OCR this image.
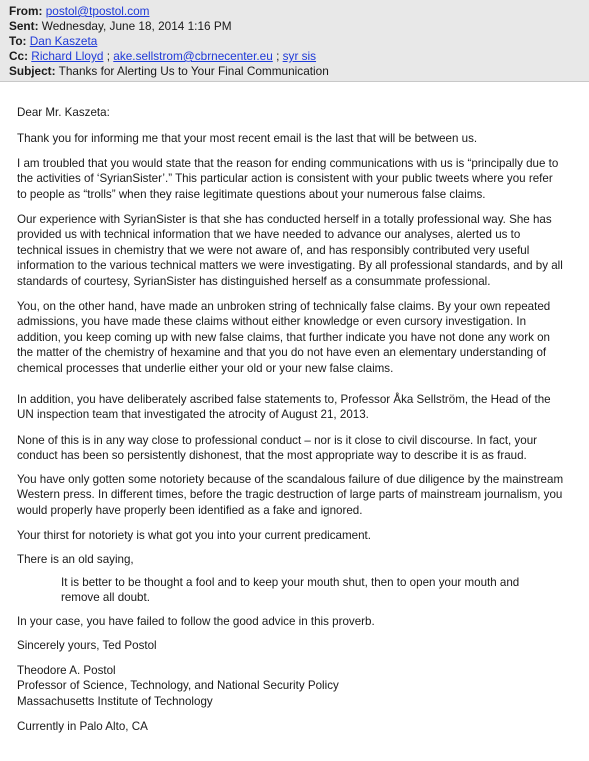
From: postol@tpostol.com
Sent: Wednesday, June 18, 2014 1:16 PM
To: Dan Kaszeta
Cc: Richard Lloyd ; ake.sellstrom@cbrnecenter.eu ; syr sis
Subject: Thanks for Alerting Us to Your Final Communication
Dear Mr. Kaszeta:
Thank you for informing me that your most recent email is the last that will be between us.
I am troubled that you would state that the reason for ending communications with us is “principally due to
the activities of ‘SyrianSister’.” This particular action is consistent with your public tweets where you refer
to people as “trolls” when they raise legitimate questions about your numerous false claims.
Our experience with SyrianSister is that she has conducted herself in a totally professional way. She has
provided us with technical information that we have needed to advance our analyses, alerted us to
technical issues in chemistry that we were not aware of, and has responsibly contributed very useful
information to the various technical matters we were investigating. By all professional standards, and by all
standards of courtesy, SyrianSister has distinguished herself as a consummate professional.
You, on the other hand, have made an unbroken string of technically false claims. By your own repeated
admissions, you have made these claims without either knowledge or even cursory investigation. In
addition, you keep coming up with new false claims, that further indicate you have not done any work on
the matter of the chemistry of hexamine and that you do not have even an elementary understanding of
chemical processes that underlie either your old or your new false claims.
In addition, you have deliberately ascribed false statements to, Professor Åka Sellström, the Head of the
UN inspection team that investigated the atrocity of August 21, 2013.
None of this is in any way close to professional conduct – nor is it close to civil discourse. In fact, your
conduct has been so persistently dishonest, that the most appropriate way to describe it is as fraud.
You have only gotten some notoriety because of the scandalous failure of due diligence by the mainstream
Western press. In different times, before the tragic destruction of large parts of mainstream journalism, you
would properly have properly been identified as a fake and ignored.
Your thirst for notoriety is what got you into your current predicament.
There is an old saying,
It is better to be thought a fool and to keep your mouth shut, then to open your mouth and
remove all doubt.
In your case, you have failed to follow the good advice in this proverb.
Sincerely yours, Ted Postol
Theodore A. Postol
Professor of Science, Technology, and National Security Policy
Massachusetts Institute of Technology
Currently in Palo Alto, CA
